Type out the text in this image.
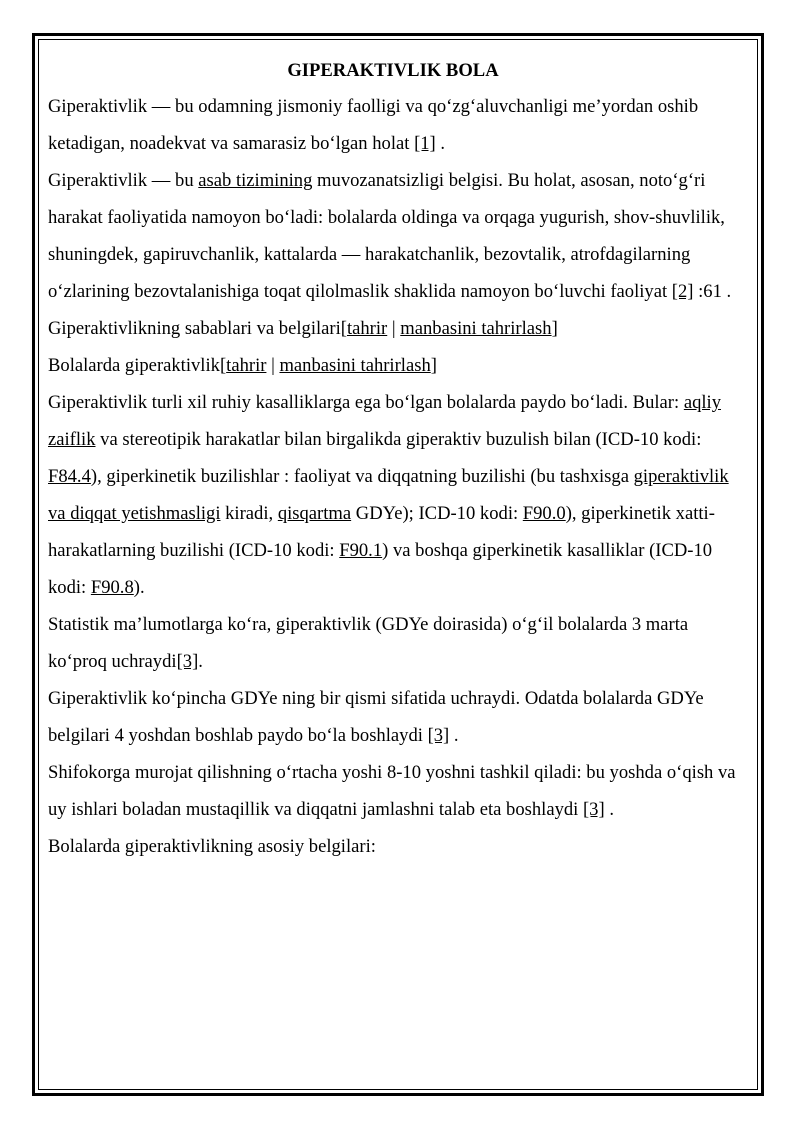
GIPERAKTIVLIK BOLA

Giperaktivlik — bu odamning jismoniy faolligi va qo‘zg‘aluvchanligi me’yordan oshib ketadigan, noadekvat va samarasiz bo‘lgan holat [1] .

Giperaktivlik — bu asab tizimining muvozanatsizligi belgisi. Bu holat, asosan, noto‘g‘ri harakat faoliyatida namoyon bo‘ladi: bolalarda oldinga va orqaga yugurish, shov-shuvlilik, shuningdek, gapiruvchanlik, kattalarda — harakatchanlik, bezovtalik, atrofdagilarning o‘zlarining bezovtalanishiga toqat qilolmaslik shaklida namoyon bo‘luvchi faoliyat [2] :61 .

Giperaktivlikning sabablari va belgilari[tahrir | manbasini tahrirlash]

Bolalarda giperaktivlik[tahrir | manbasini tahrirlash]

Giperaktivlik turli xil ruhiy kasalliklarga ega bo‘lgan bolalarda paydo bo‘ladi. Bular: aqliy zaiflik va stereotipik harakatlar bilan birgalikda giperaktiv buzulish bilan (ICD-10 kodi: F84.4), giperkinetik buzilishlar : faoliyat va diqqatning buzilishi (bu tashxisga giperaktivlik va diqqat yetishmasligi kiradi, qisqartma GDYe); ICD-10 kodi: F90.0), giperkinetik xatti-harakatlarning buzilishi (ICD-10 kodi: F90.1) va boshqa giperkinetik kasalliklar (ICD-10 kodi: F90.8).

Statistik ma’lumotlarga ko‘ra, giperaktivlik (GDYe doirasida) o‘g‘il bolalarda 3 marta ko‘proq uchraydi[3].

Giperaktivlik ko‘pincha GDYe ning bir qismi sifatida uchraydi. Odatda bolalarda GDYe belgilari 4 yoshdan boshlab paydo bo‘la boshlaydi [3] .

Shifokorga murojat qilishning o‘rtacha yoshi 8-10 yoshni tashkil qiladi: bu yoshda o‘qish va uy ishlari boladan mustaqillik va diqqatni jamlashni talab eta boshlaydi [3] .

Bolalarda giperaktivlikning asosiy belgilari:
